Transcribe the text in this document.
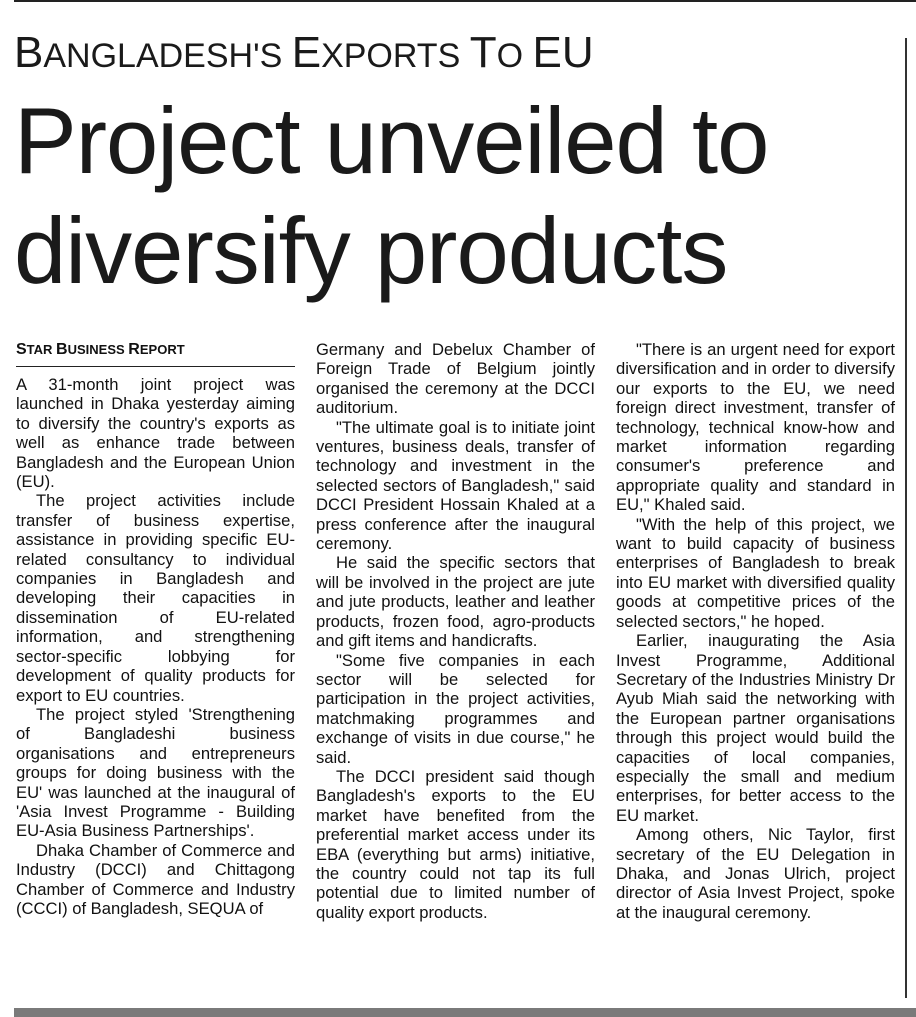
BANGLADESH'S EXPORTS TO EU
Project unveiled to
diversify products
STAR BUSINESS REPORT

A 31-month joint project was launched in Dhaka yesterday aiming to diversify the country's exports as well as enhance trade between Bangladesh and the European Union (EU).

The project activities include transfer of business expertise, assistance in providing specific EU-related consultancy to individual companies in Bangladesh and developing their capacities in dissemination of EU-related information, and strengthening sector-specific lobbying for development of quality products for export to EU countries.

The project styled 'Strengthening of Bangladeshi business organisations and entrepreneurs groups for doing business with the EU' was launched at the inaugural of 'Asia Invest Programme - Building EU-Asia Business Partnerships'.

Dhaka Chamber of Commerce and Industry (DCCI) and Chittagong Chamber of Commerce and Industry (CCCI) of Bangladesh, SEQUA of

Germany and Debelux Chamber of Foreign Trade of Belgium jointly organised the ceremony at the DCCI auditorium.

"The ultimate goal is to initiate joint ventures, business deals, transfer of technology and investment in the selected sectors of Bangladesh," said DCCI President Hossain Khaled at a press conference after the inaugural ceremony.

He said the specific sectors that will be involved in the project are jute and jute products, leather and leather products, frozen food, agro-products and gift items and handicrafts.

"Some five companies in each sector will be selected for participation in the project activities, matchmaking programmes and exchange of visits in due course," he said.

The DCCI president said though Bangladesh's exports to the EU market have benefited from the preferential market access under its EBA (everything but arms) initiative, the country could not tap its full potential due to limited number of quality export products.

"There is an urgent need for export diversification and in order to diversify our exports to the EU, we need foreign direct investment, transfer of technology, technical know-how and market information regarding consumer's preference and appropriate quality and standard in EU," Khaled said.

"With the help of this project, we want to build capacity of business enterprises of Bangladesh to break into EU market with diversified quality goods at competitive prices of the selected sectors," he hoped.

Earlier, inaugurating the Asia Invest Programme, Additional Secretary of the Industries Ministry Dr Ayub Miah said the networking with the European partner organisations through this project would build the capacities of local companies, especially the small and medium enterprises, for better access to the EU market.

Among others, Nic Taylor, first secretary of the EU Delegation in Dhaka, and Jonas Ulrich, project director of Asia Invest Project, spoke at the inaugural ceremony.
